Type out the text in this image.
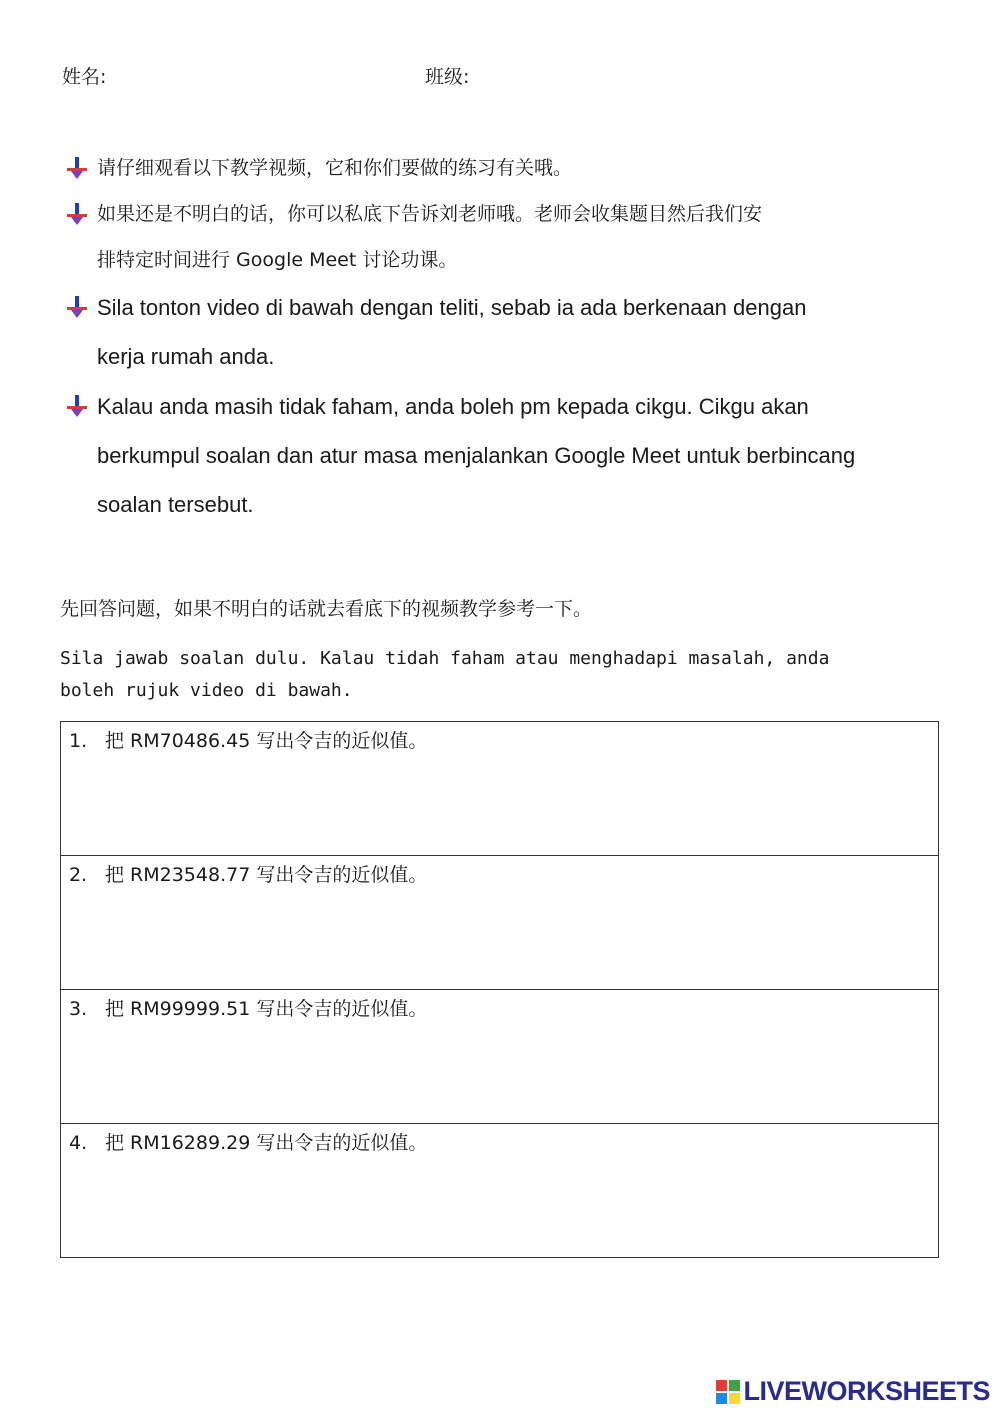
姓名:	班级:
请仔细观看以下教学视频，它和你们要做的练习有关哦。
如果还是不明白的话，你可以私底下告诉刘老师哦。老师会收集题目然后我们安
排特定时间进行 Google Meet 讨论功课。
Sila tonton video di bawah dengan teliti, sebab ia ada berkenaan dengan
kerja rumah anda.
Kalau anda masih tidak faham, anda boleh pm kepada cikgu. Cikgu akan
berkumpul soalan dan atur masa menjalankan Google Meet untuk berbincang
soalan tersebut.
先回答问题，如果不明白的话就去看底下的视频教学参考一下。
Sila jawab soalan dulu. Kalau tidah faham atau menghadapi masalah, anda
boleh rujuk video di bawah.
1. 把 RM70486.45 写出令吉的近似值。
2. 把 RM23548.77 写出令吉的近似值。
3. 把 RM99999.51 写出令吉的近似值。
4. 把 RM16289.29 写出令吉的近似值。
LIVEWORKSHEETS
